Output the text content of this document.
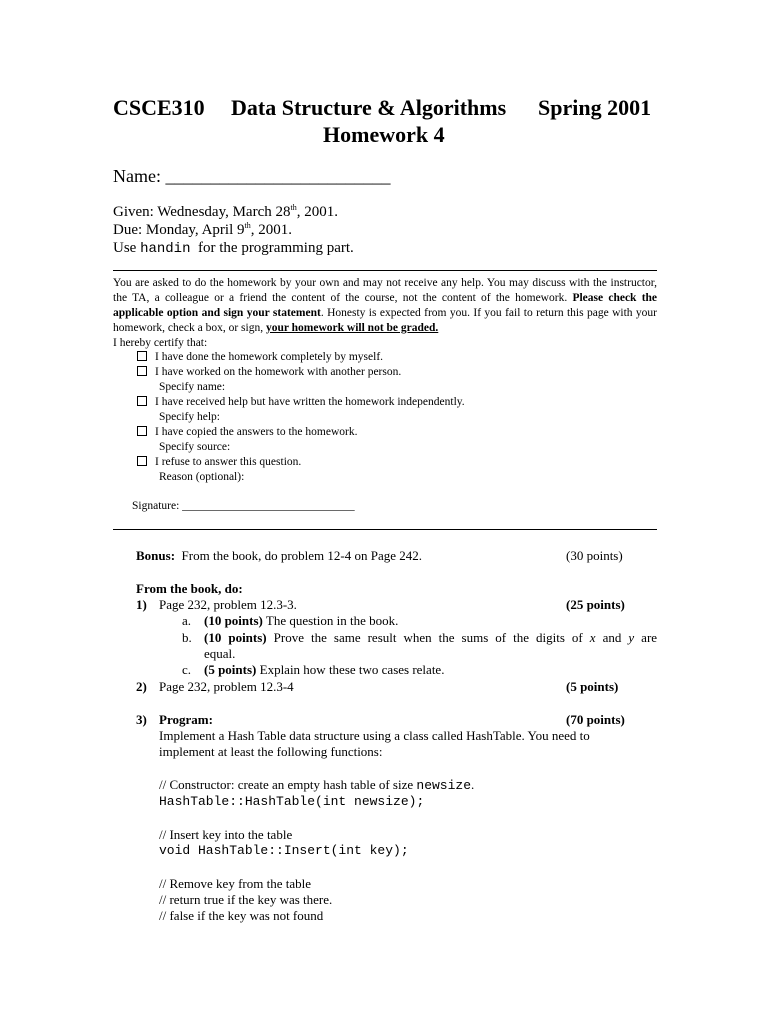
CSCE310 Data Structure & Algorithms Spring 2001
Homework 4
Name: _________________________
Given: Wednesday, March 28th, 2001.
Due: Monday, April 9th, 2001.
Use handin for the programming part.
You are asked to do the homework by your own and may not receive any help. You may discuss with the instructor, the TA, a colleague or a friend the content of the course, not the content of the homework. Please check the applicable option and sign your statement. Honesty is expected from you. If you fail to return this page with your homework, check a box, or sign, your homework will not be graded.
I hereby certify that:
I have done the homework completely by myself.
I have worked on the homework with another person.
Specify name:
I have received help but have written the homework independently.
Specify help:
I have copied the answers to the homework.
Specify source:
I refuse to answer this question.
Reason (optional):
Signature: ______________________________
Bonus: From the book, do problem 12-4 on Page 242.	(30 points)
From the book, do:
1) Page 232, problem 12.3-3.	(25 points)
a. (10 points) The question in the book.
b. (10 points) Prove the same result when the sums of the digits of x and y are
equal.
c. (5 points) Explain how these two cases relate.
2) Page 232, problem 12.3-4	(5 points)
3) Program:	(70 points)
Implement a Hash Table data structure using a class called HashTable. You need to
implement at least the following functions:
// Constructor: create an empty hash table of size newsize.
HashTable::HashTable(int newsize);
// Insert key into the table
void HashTable::Insert(int key);
// Remove key from the table
// return true if the key was there.
// false if the key was not found
